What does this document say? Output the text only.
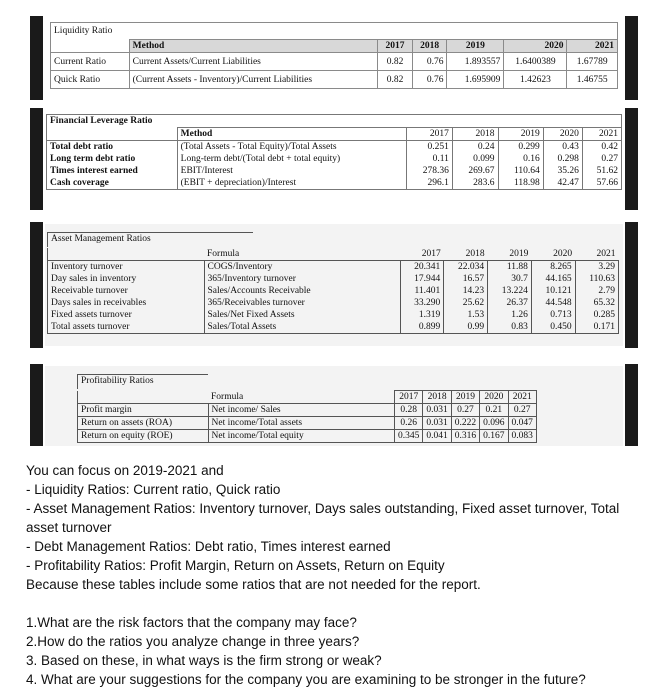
Liquidity Ratio						
	Method	2017	2018	2019	2020	2021
Current Ratio	Current Assets/Current Liabilities	0.82	0.76	1.893557	1.6400389	1.67789
Quick Ratio	(Current Assets - Inventory)/Current Liabilities	0.82	0.76	1.695909	1.42623	1.46755
Financial Leverage Ratio						
	Method	2017	2018	2019	2020	2021
Total debt ratio	(Total Assets - Total Equity)/Total Assets	0.251	0.24	0.299	0.43	0.42
Long term debt ratio	Long-term debt/(Total debt + total equity)	0.11	0.099	0.16	0.298	0.27
Times interest earned	EBIT/Interest	278.36	269.67	110.64	35.26	51.62
Cash coverage	(EBIT + depreciation)/Interest	296.1	283.6	118.98	42.47	57.66
Asset Management Ratios
	Formula	2017	2018	2019	2020	2021
Inventory turnover	COGS/Inventory	20.341	22.034	11.88	8.265	3.29
Day sales in inventory	365/Inventory turnover	17.944	16.57	30.7	44.165	110.63
Receivable turnover	Sales/Accounts Receivable	11.401	14.23	13.224	10.121	2.79
Days sales in receivables	365/Receivables turnover	33.290	25.62	26.37	44.548	65.32
Fixed assets turnover	Sales/Net Fixed Assets	1.319	1.53	1.26	0.713	0.285
Total assets turnover	Sales/Total Assets	0.899	0.99	0.83	0.450	0.171
Profitability Ratios
	Formula	2017	2018	2019	2020	2021
Profit margin	Net income/ Sales	0.28	0.031	0.27	0.21	0.27
Return on assets (ROA)	Net income/Total assets	0.26	0.031	0.222	0.096	0.047
Return on equity (ROE)	Net income/Total equity	0.345	0.041	0.316	0.167	0.083
You can focus on 2019-2021 and
- Liquidity Ratios: Current ratio, Quick ratio
- Asset Management Ratios: Inventory turnover, Days sales outstanding, Fixed asset turnover, Total asset turnover
- Debt Management Ratios: Debt ratio, Times interest earned
- Profitability Ratios: Profit Margin, Return on Assets, Return on Equity
Because these tables include some ratios that are not needed for the report.
1.What are the risk factors that the company may face?
2.How do the ratios you analyze change in three years?
3. Based on these, in what ways is the firm strong or weak?
4. What are your suggestions for the company you are examining to be stronger in the future?
